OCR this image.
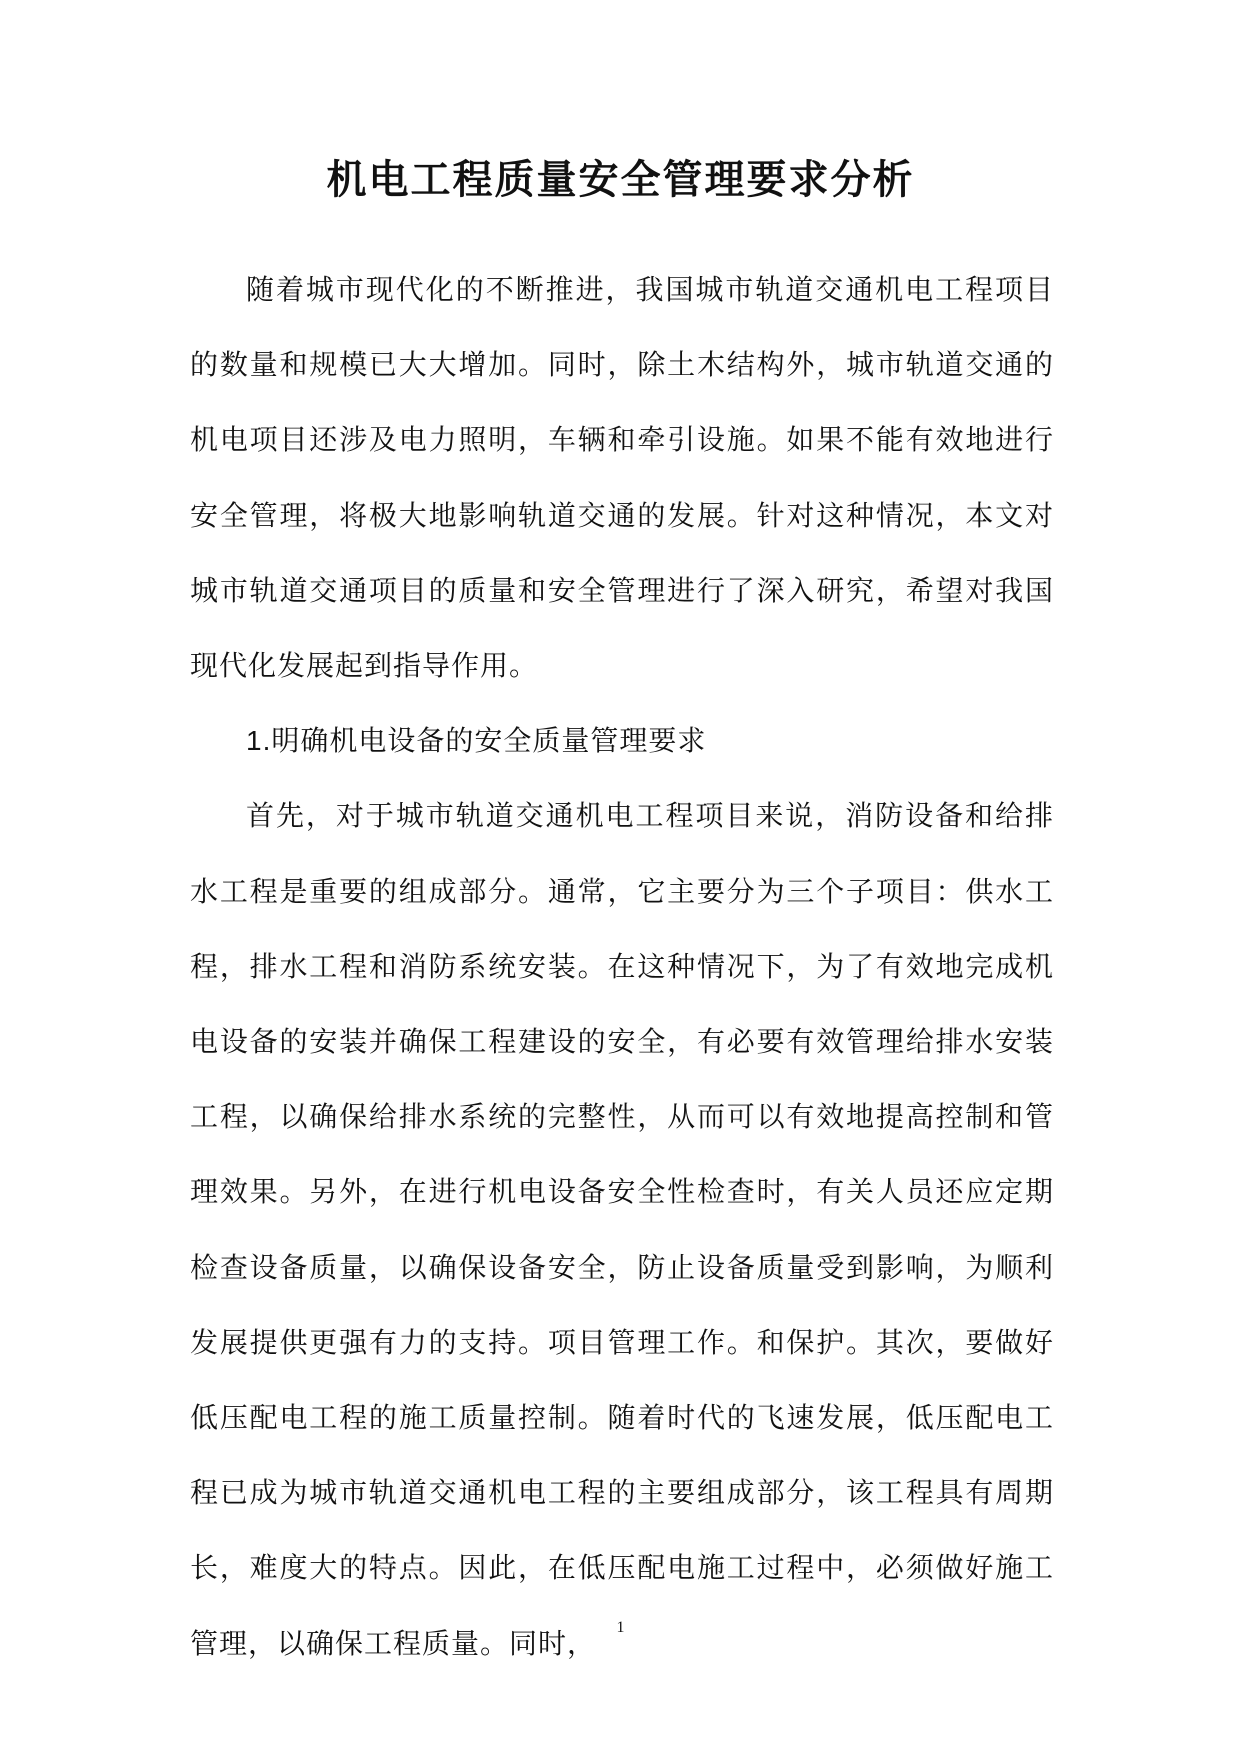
机电工程质量安全管理要求分析

随着城市现代化的不断推进，我国城市轨道交通机电工程项目的数量和规模已大大增加。同时，除土木结构外，城市轨道交通的机电项目还涉及电力照明，车辆和牵引设施。如果不能有效地进行安全管理，将极大地影响轨道交通的发展。针对这种情况，本文对城市轨道交通项目的质量和安全管理进行了深入研究，希望对我国现代化发展起到指导作用。

1.明确机电设备的安全质量管理要求

首先，对于城市轨道交通机电工程项目来说，消防设备和给排水工程是重要的组成部分。通常，它主要分为三个子项目：供水工程，排水工程和消防系统安装。在这种情况下，为了有效地完成机电设备的安装并确保工程建设的安全，有必要有效管理给排水安装工程，以确保给排水系统的完整性，从而可以有效地提高控制和管理效果。另外，在进行机电设备安全性检查时，有关人员还应定期检查设备质量，以确保设备安全，防止设备质量受到影响，为顺利发展提供更强有力的支持。项目管理工作。和保护。其次，要做好低压配电工程的施工质量控制。随着时代的飞速发展，低压配电工程已成为城市轨道交通机电工程的主要组成部分，该工程具有周期长，难度大的特点。因此，在低压配电施工过程中，必须做好施工管理，以确保工程质量。同时，	1
